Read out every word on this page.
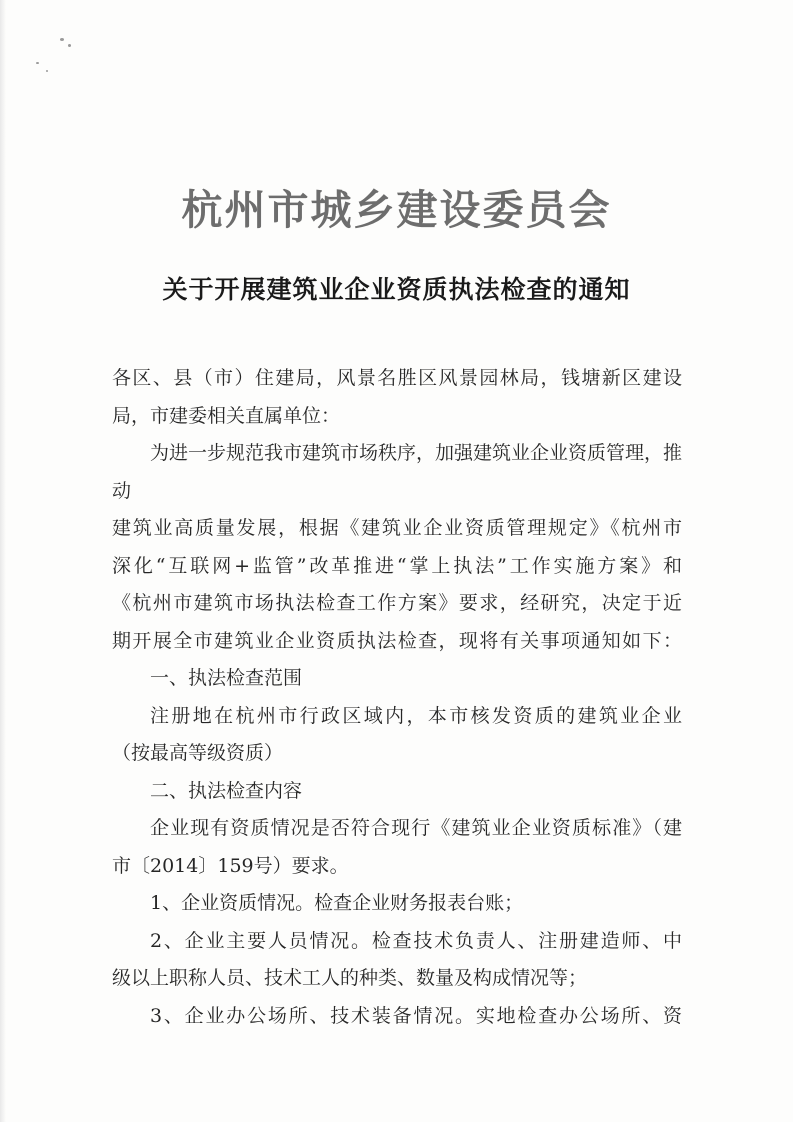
杭州市城乡建设委员会
关于开展建筑业企业资质执法检查的通知

各区、县（市）住建局，风景名胜区风景园林局，钱塘新区建设

局，市建委相关直属单位：

为进一步规范我市建筑市场秩序，加强建筑业企业资质管理，推动

建筑业高质量发展，根据《建筑业企业资质管理规定》《杭州市

深化“互联网+监管”改革推进“掌上执法”工作实施方案》和

《杭州市建筑市场执法检查工作方案》要求，经研究，决定于近

期开展全市建筑业企业资质执法检查，现将有关事项通知如下：

一、执法检查范围

注册地在杭州市行政区域内，本市核发资质的建筑业企业

（按最高等级资质）

二、执法检查内容

企业现有资质情况是否符合现行《建筑业企业资质标准》（建

市〔2014〕159号）要求。

1、企业资质情况。检查企业财务报表台账；

2、企业主要人员情况。检查技术负责人、注册建造师、中

级以上职称人员、技术工人的种类、数量及构成情况等；

3、企业办公场所、技术装备情况。实地检查办公场所、资
